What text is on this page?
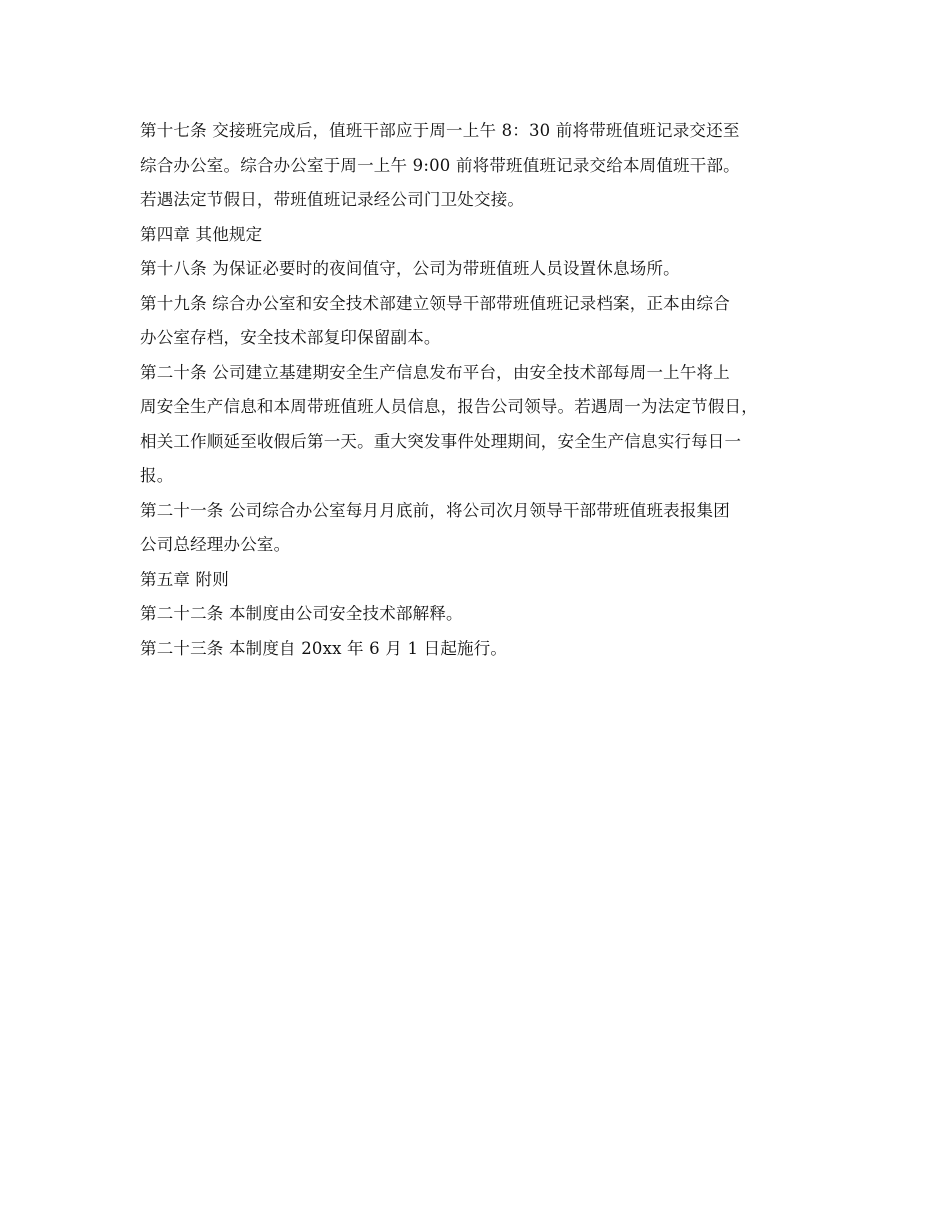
第十七条 交接班完成后，值班干部应于周一上午 8：30 前将带班值班记录交还至
综合办公室。综合办公室于周一上午 9:00 前将带班值班记录交给本周值班干部。
若遇法定节假日，带班值班记录经公司门卫处交接。
第四章 其他规定
第十八条 为保证必要时的夜间值守，公司为带班值班人员设置休息场所。
第十九条 综合办公室和安全技术部建立领导干部带班值班记录档案，正本由综合
办公室存档，安全技术部复印保留副本。
第二十条 公司建立基建期安全生产信息发布平台，由安全技术部每周一上午将上
周安全生产信息和本周带班值班人员信息，报告公司领导。若遇周一为法定节假日，
相关工作顺延至收假后第一天。重大突发事件处理期间，安全生产信息实行每日一
报。
第二十一条 公司综合办公室每月月底前，将公司次月领导干部带班值班表报集团
公司总经理办公室。
第五章 附则
第二十二条 本制度由公司安全技术部解释。
第二十三条 本制度自 20xx 年 6 月 1 日起施行。
